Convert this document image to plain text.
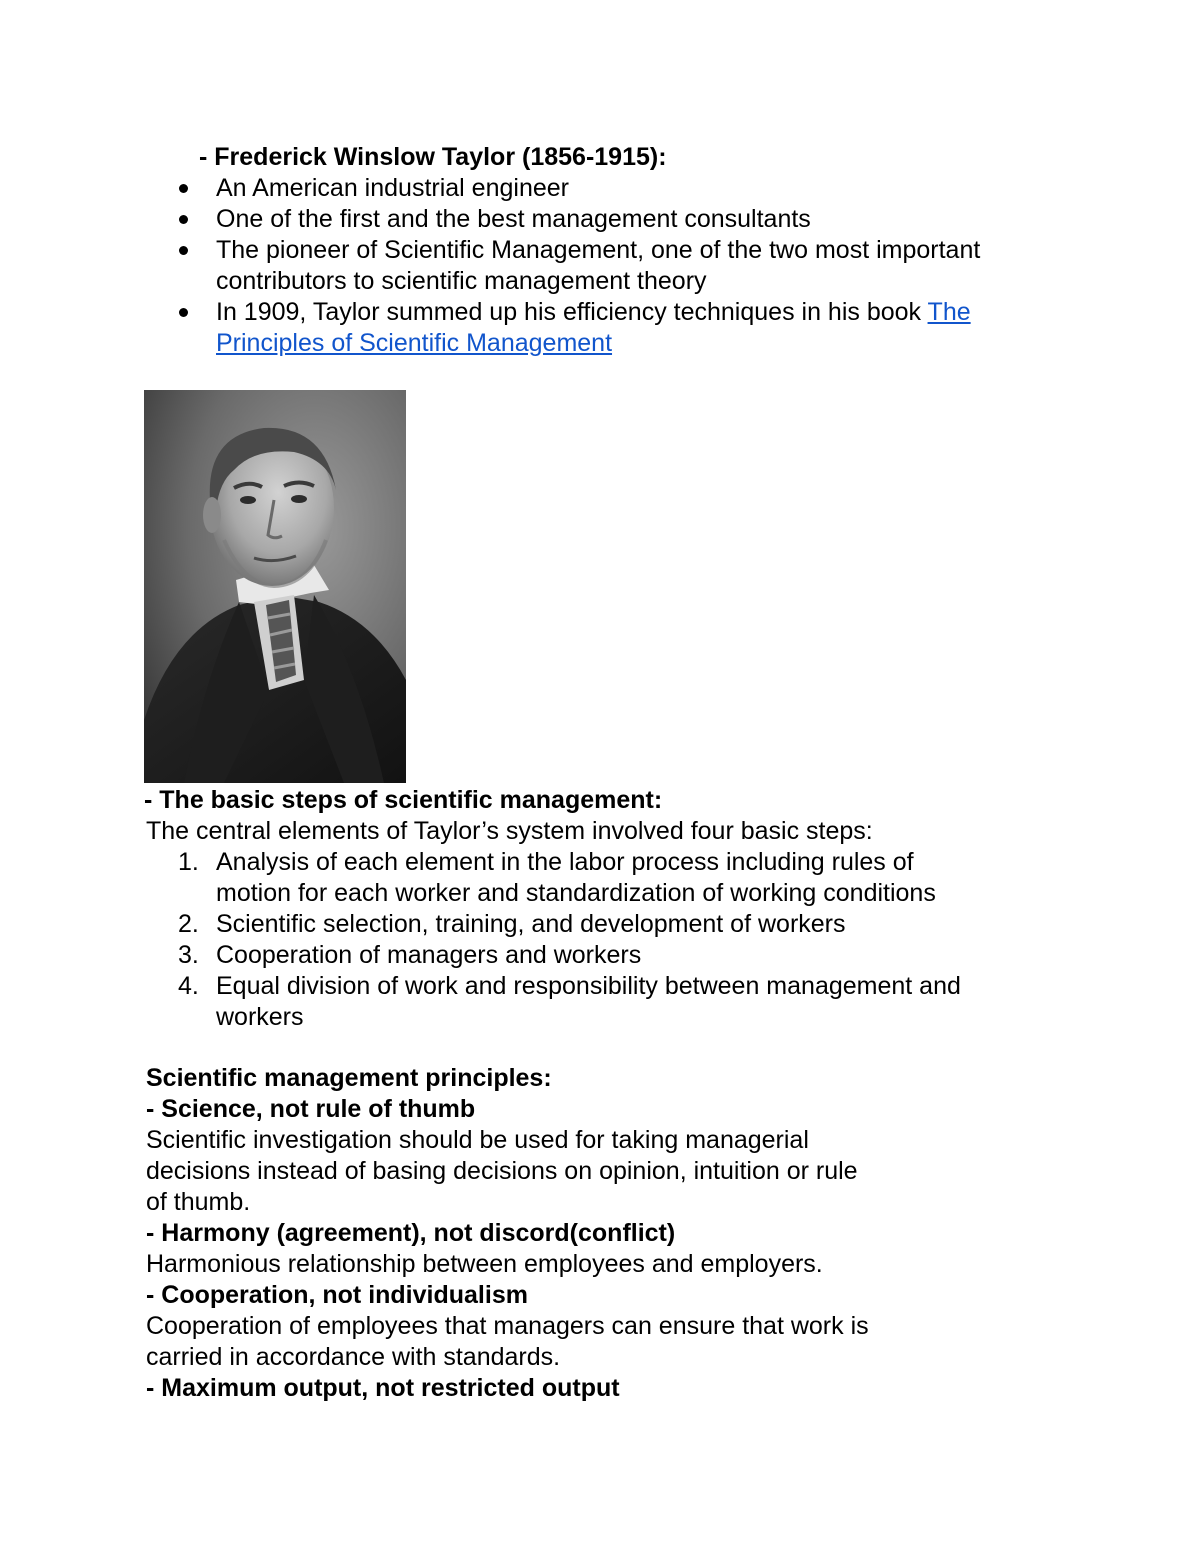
- Frederick Winslow Taylor (1856-1915):
An American industrial engineer
One of the first and the best management consultants
The pioneer of Scientific Management, one of the two most important
contributors to scientific management theory
In 1909, Taylor summed up his efficiency techniques in his book The
Principles of Scientific Management
- The basic steps of scientific management:
The central elements of Taylor’s system involved four basic steps:
1. Analysis of each element in the labor process including rules of
motion for each worker and standardization of working conditions
2. Scientific selection, training, and development of workers
3. Cooperation of managers and workers
4. Equal division of work and responsibility between management and
workers
Scientific management principles:
- Science, not rule of thumb
Scientific investigation should be used for taking managerial
decisions instead of basing decisions on opinion, intuition or rule
of thumb.
- Harmony (agreement), not discord(conflict)
Harmonious relationship between employees and employers.
- Cooperation, not individualism
Cooperation of employees that managers can ensure that work is
carried in accordance with standards.
- Maximum output, not restricted output
